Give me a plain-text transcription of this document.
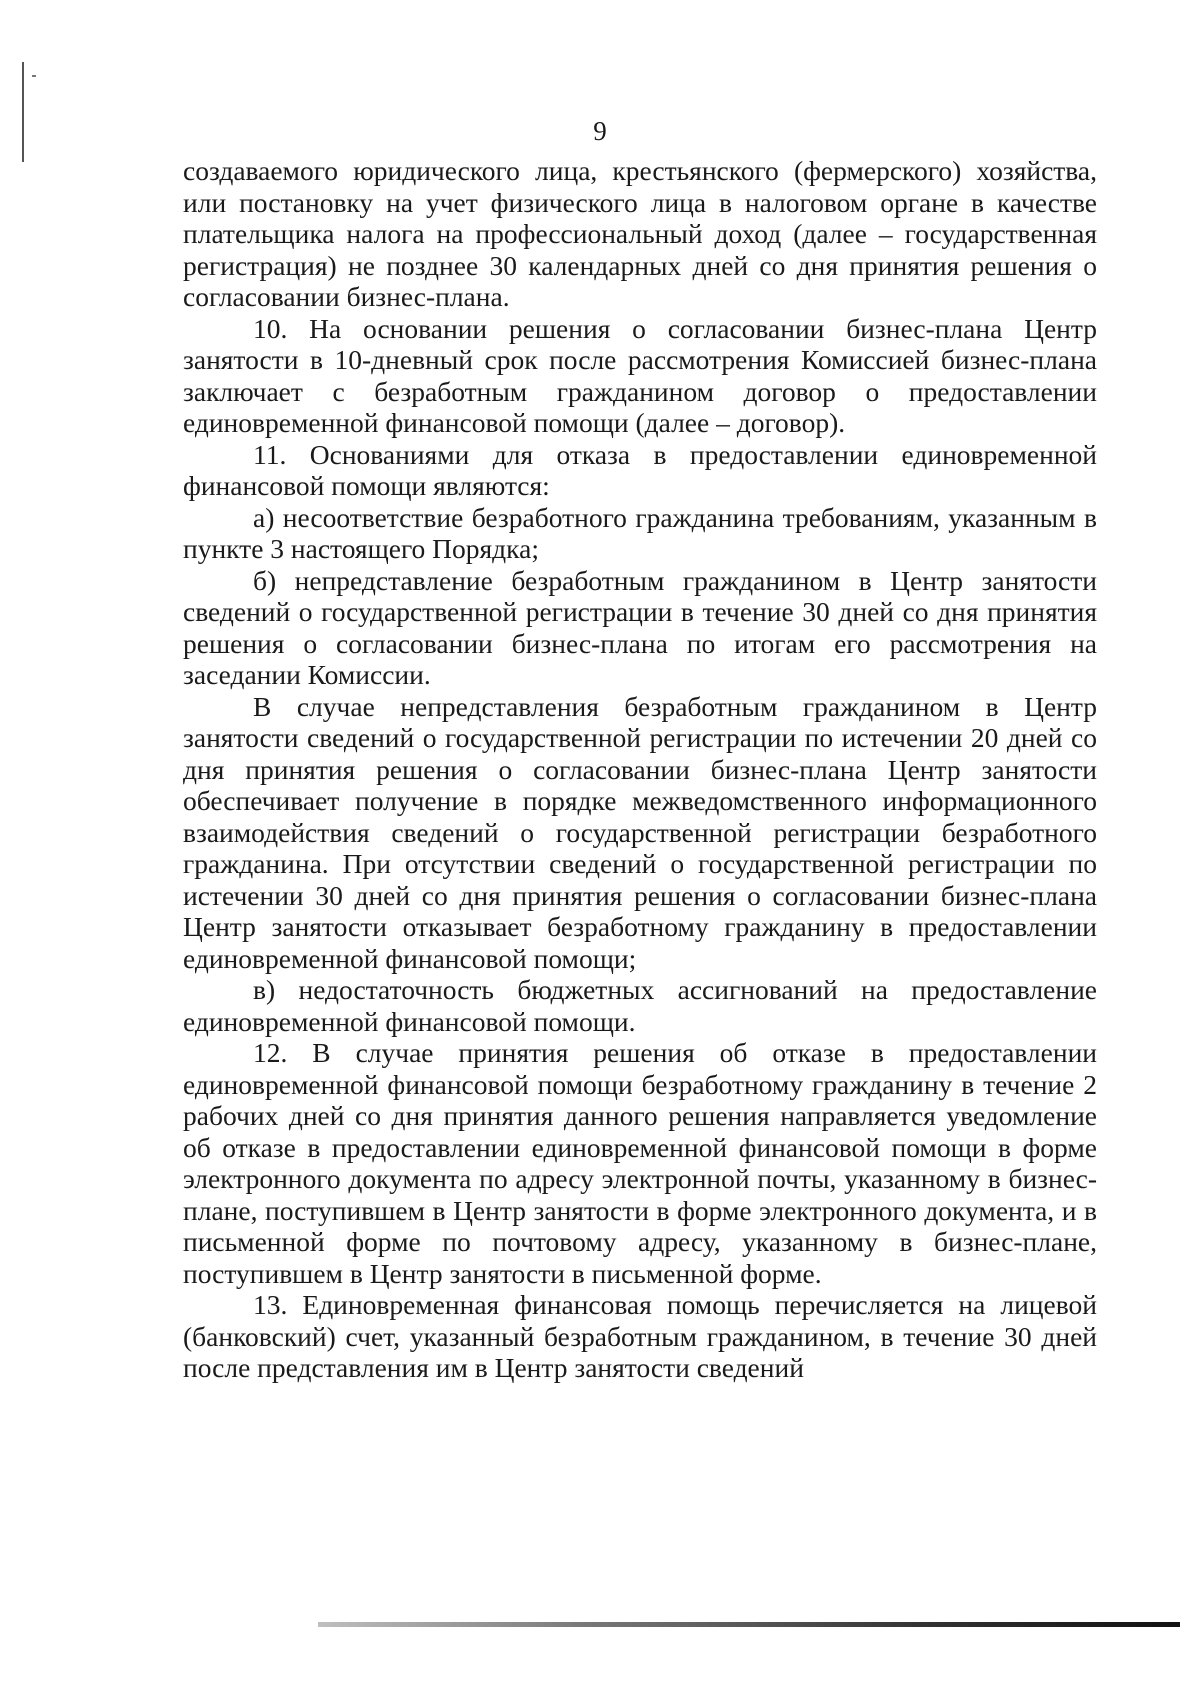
9

создаваемого юридического лица, крестьянского (фермерского) хозяйства, или постановку на учет физического лица в налоговом органе в качестве плательщика налога на профессиональный доход (далее – государственная регистрация) не позднее 30 календарных дней со дня принятия решения о согласовании бизнес-плана.

10. На основании решения о согласовании бизнес-плана Центр занятости в 10-дневный срок после рассмотрения Комиссией бизнес-плана заключает с безработным гражданином договор о предоставлении единовременной финансовой помощи (далее – договор).

11. Основаниями для отказа в предоставлении единовременной финансовой помощи являются:

а) несоответствие безработного гражданина требованиям, указанным в пункте 3 настоящего Порядка;

б) непредставление безработным гражданином в Центр занятости сведений о государственной регистрации в течение 30 дней со дня принятия решения о согласовании бизнес-плана по итогам его рассмотрения на заседании Комиссии.

В случае непредставления безработным гражданином в Центр занятости сведений о государственной регистрации по истечении 20 дней со дня принятия решения о согласовании бизнес-плана Центр занятости обеспечивает получение в порядке межведомственного информационного взаимодействия сведений о государственной регистрации безработного гражданина. При отсутствии сведений о государственной регистрации по истечении 30 дней со дня принятия решения о согласовании бизнес-плана Центр занятости отказывает безработному гражданину в предоставлении единовременной финансовой помощи;

в) недостаточность бюджетных ассигнований на предоставление единовременной финансовой помощи.

12. В случае принятия решения об отказе в предоставлении единовременной финансовой помощи безработному гражданину в течение 2 рабочих дней со дня принятия данного решения направляется уведомление об отказе в предоставлении единовременной финансовой помощи в форме электронного документа по адресу электронной почты, указанному в бизнес-плане, поступившем в Центр занятости в форме электронного документа, и в письменной форме по почтовому адресу, указанному в бизнес-плане, поступившем в Центр занятости в письменной форме.

13. Единовременная финансовая помощь перечисляется на лицевой (банковский) счет, указанный безработным гражданином, в течение 30 дней после представления им в Центр занятости сведений
